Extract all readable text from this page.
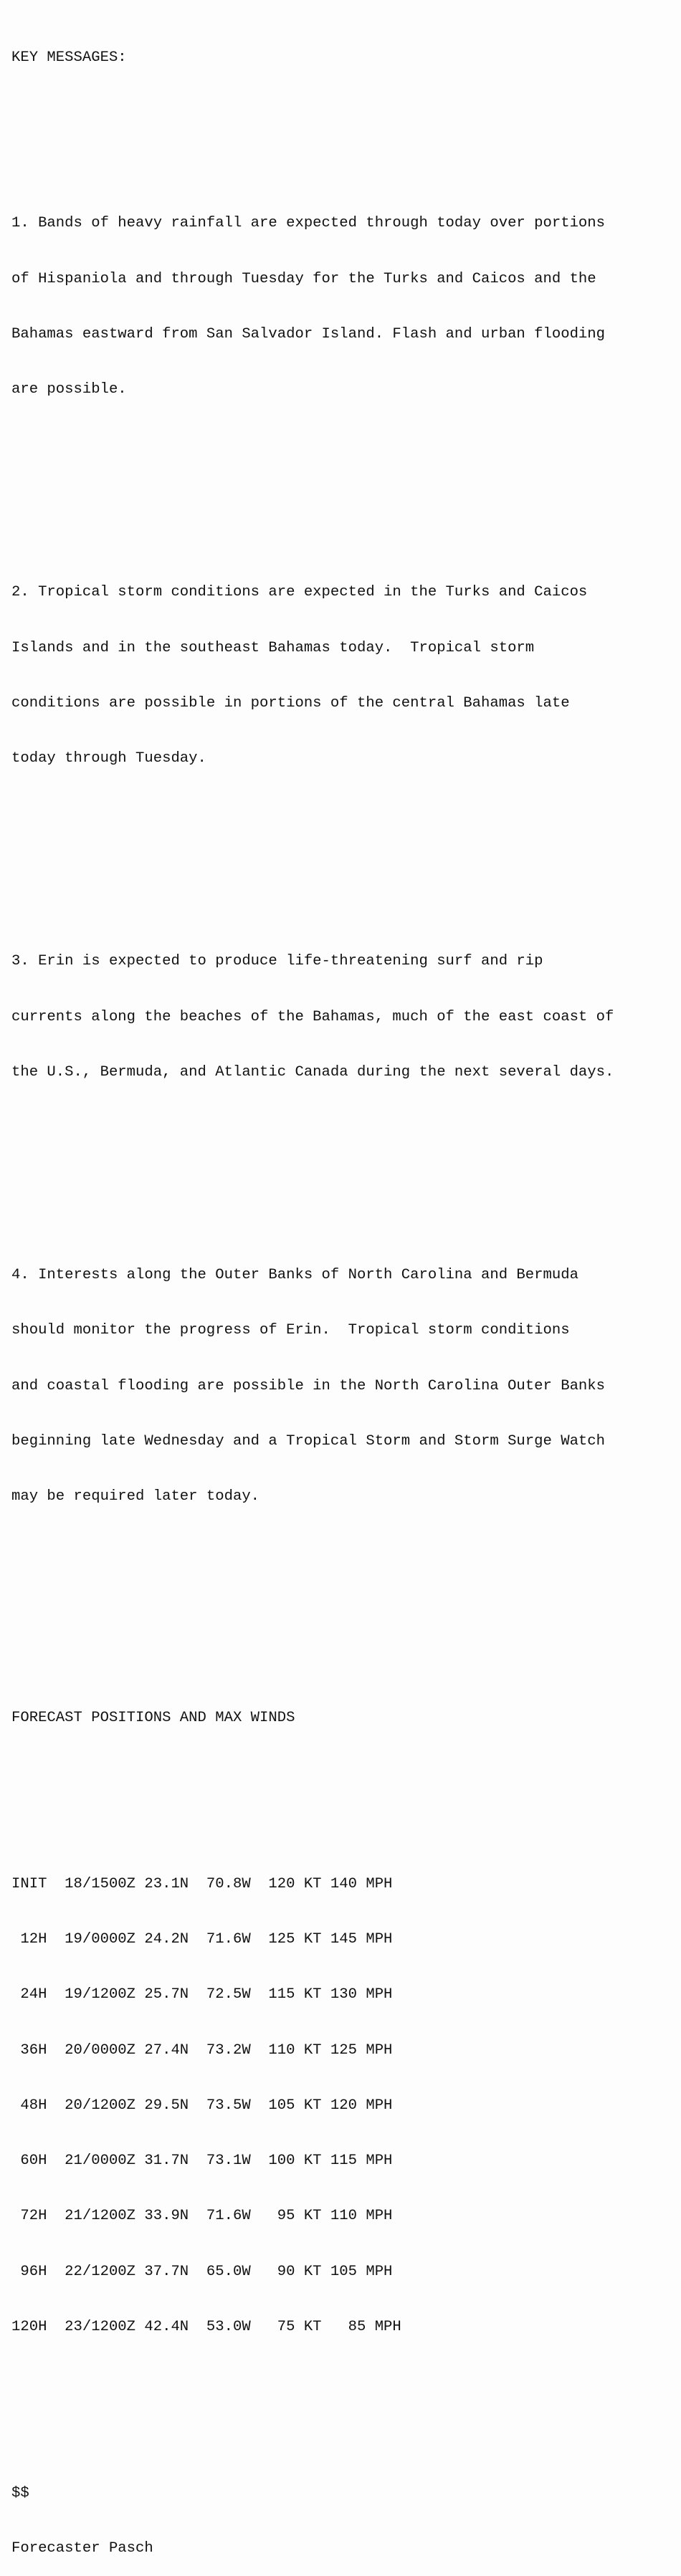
KEY MESSAGES:

1. Bands of heavy rainfall are expected through today over portions

of Hispaniola and through Tuesday for the Turks and Caicos and the

Bahamas eastward from San Salvador Island. Flash and urban flooding

are possible.

2. Tropical storm conditions are expected in the Turks and Caicos

Islands and in the southeast Bahamas today.  Tropical storm

conditions are possible in portions of the central Bahamas late

today through Tuesday.

3. Erin is expected to produce life-threatening surf and rip

currents along the beaches of the Bahamas, much of the east coast of

the U.S., Bermuda, and Atlantic Canada during the next several days.

4. Interests along the Outer Banks of North Carolina and Bermuda

should monitor the progress of Erin.  Tropical storm conditions

and coastal flooding are possible in the North Carolina Outer Banks

beginning late Wednesday and a Tropical Storm and Storm Surge Watch

may be required later today.

FORECAST POSITIONS AND MAX WINDS

INIT  18/1500Z 23.1N  70.8W  120 KT 140 MPH

12H  19/0000Z 24.2N  71.6W  125 KT 145 MPH

24H  19/1200Z 25.7N  72.5W  115 KT 130 MPH

36H  20/0000Z 27.4N  73.2W  110 KT 125 MPH

48H  20/1200Z 29.5N  73.5W  105 KT 120 MPH

60H  21/0000Z 31.7N  73.1W  100 KT 115 MPH

72H  21/1200Z 33.9N  71.6W   95 KT 110 MPH

96H  22/1200Z 37.7N  65.0W   90 KT 105 MPH

120H  23/1200Z 42.4N  53.0W   75 KT   85 MPH

$$

Forecaster Pasch
